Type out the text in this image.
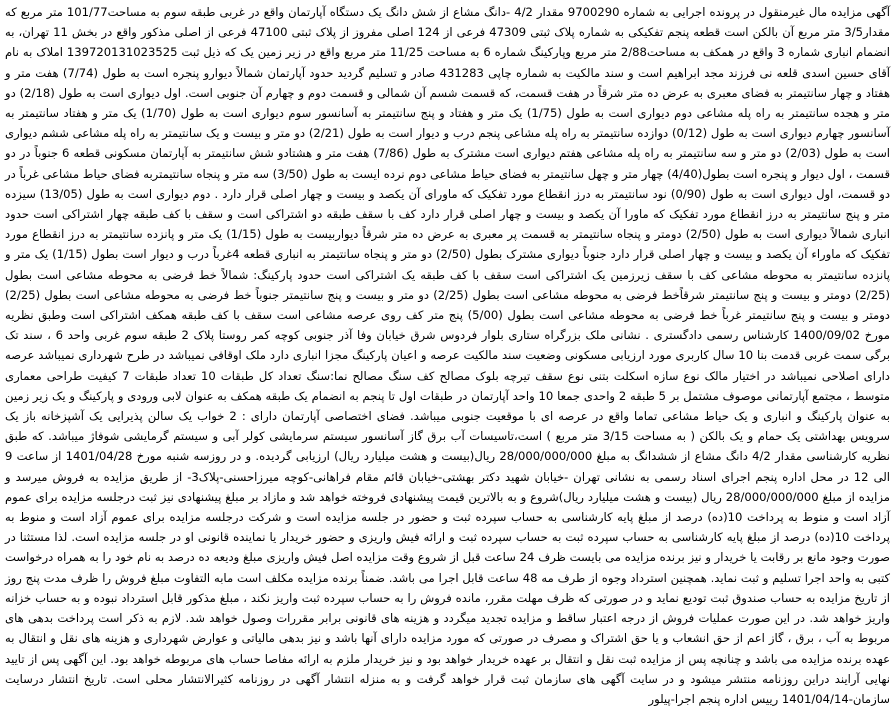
آگهی مزایده مال غیرمنقول در پرونده اجرایی به شماره 9700290 مقدار 4/2 -دانگ مشاع از شش دانگ یک دستگاه آپارتمان واقع در غربی طبقه سوم به مساحت101/77 متر مربع که مقدار3/5 متر مربع آن بالکن است قطعه پنجم تفکیکی به شماره پلاک ثبتی 47309 فرعی از 124 اصلی مفروز از پلاک ثبتی 47100 فرعی از اصلی مذکور واقع در بخش 11 تهران، به انضمام انباری شماره 3 واقع در همکف به مساحت2/88 متر مربع وپارکینگ شماره 6 به مساحت 11/25 متر مربع واقع در زیر زمین یک که ذیل ثبت 139720131023525 املاک به نام آقای حسین اسدی قلعه نی فرزند مجد ابراهیم است و سند مالکیت به شماره چاپی 431283 صادر و تسلیم گردید حدود آپارتمان شمالاً دیوارو پنجره است به طول (7/74) هفت متر و هفتاد و چهار سانتیمتر به فضای معبری به عرض ده متر شرقاً در هفت قسمت، که قسمت شسم آن شمالی و قسمت دوم و چهارم آن جنوبی است. اول دیواری است به طول (2/18) دو متر و هجده سانتیمتر به راه پله مشاعی دوم دیواری است به طول (1/75) یک متر و هفتاد و پنج سانتیمتر به آسانسور سوم دیواری است به طول (1/70) یک متر و هفتاد سانتیمتر به آسانسور چهارم دیواری است به طول (0/12) دوازده سانتیمتر به راه پله مشاعی پنجم درب و دیوار است به طول (2/21) دو متر و بیست و یک سانتیمتر به راه پله مشاعی ششم دیواری است به طول (2/03) دو متر و سه سانتیمتر به راه پله مشاعی هفتم دیواری است مشترک به طول (7/86) هفت متر و هشتادو شش سانتیمتر به آپارتمان مسکونی قطعه 6 جنوباً در دو قسمت ، اول دیوار و پنجره است بطول(4/40) چهار متر و چهل سانتیمتر به فضای حیاط مشاعی دوم نرده ایست به طول (3/50) سه متر و پنجاه سانتیمتربه فضای حیاط مشاعی غرباً در دو قسمت، اول دیواری است به طول (0/90) نود سانتیمتر به درز انقطاع مورد تفکیک که ماورای آن یکصد و بیست و چهار اصلی قرار دارد . دوم دیواری است به طول (13/05) سیزده متر و پنج سانتیمتر به درز انقطاع مورد تفکیک که ماورا آن یکصد و بیست و چهار اصلی قرار دارد کف با سقف طبقه دو اشتراکی است و سقف با کف طبقه چهار اشتراکی است حدود انباری شمالاً دیواری است به طول (2/50) دومتر و پنجاه سانتیمتر به قسمت پر معبری به عرض ده متر شرقاً دیواربیست به طول (1/15) یک متر و پانزده سانتیمتر به درز انقطاع مورد تفکیک که ماوراء آن یکصد و بیست و چهار اصلی قرار دارد جنوباً دیواری مشترک بطول (2/50) دو متر و پنجاه سانتیمتر به انباری قطعه 4غرباً درب و دیوار است بطول (1/15) یک متر و پانزده سانتیمتر به محوطه مشاعی کف با سقف زیرزمین یک اشتراکی است سقف با کف طبقه یک اشتراکی است حدود پارکینگ: شمالاً خط فرضی به محوطه مشاعی است بطول (2/25) دومتر و بیست و پنج سانتیمتر شرقاًخط فرضی به محوطه مشاعی است بطول (2/25) دو متر و بیست و پنج سانتیمتر جنوباً خط فرضی به محوطه مشاعی است بطول (2/25) دومتر و بیست و پنج سانتیمتر غرباً خط فرضی به محوطه مشاعی است بطول (5/00) پنج متر کف روی عرصه مشاعی است سقف با کف طبقه همکف اشتراکی است وطبق نظریه مورخ 1400/09/02 کارشناس رسمی دادگستری . نشانی ملک بزرگراه ستاری بلوار فردوس شرق خیابان وفا آذر جنوبی کوچه کمر روستا پلاک 2 طبقه سوم غربی واحد 6 ، سند تک برگی سمت غربی قدمت بنا 10 سال کاربری مورد ارزیابی مسکونی وضعیت سند مالکیت عرصه و اعیان پارکینگ مجزا انباری دارد ملک اوقافی نمیباشد در طرح شهرداری نمیباشد عرصه دارای اصلاحی نمیباشد در اختیار مالک نوع سازه اسکلت بتنی نوع سقف تیرچه بلوک مصالح کف سنگ مصالح نما:سنگ تعداد کل طبقات 10 تعداد طبقات 7 کیفیت طراحی معماری متوسط ، مجتمع آپارتمانی موصوف مشتمل بر 5 طبقه 2 واحدی جمعا 10 واحد آپارتمان در طبقات اول تا پنجم به انضمام یک طبقه همکف به عنوان لابی ورودی و پارکینگ و یک زیر زمین به عنوان پارکینگ و انباری و یک حیاط مشاعی تماما واقع در عرصه ای با موقعیت جنوبی میباشد. فضای اختصاصی آپارتمان دارای : 2 خواب یک سالن پذیرایی یک آشپزخانه باز یک سرویس بهداشتی یک حمام و یک بالکن ( به مساحت 3/15 متر مربع ) است،تاسیسات آب برق گاز آسانسور سیستم سرمایشی کولر آبی و سیستم گرمایشی شوفاژ میباشد. که طبق نظریه کارشناسی مقدار 4/2 دانگ مشاع از ششدانگ به مبلغ 28/000/000/000 ریال(بیست و هشت میلیارد ریال) ارزیابی گردیده. و در روزسه شنبه مورخ 1401/04/28 از ساعت 9 الی 12 در محل اداره پنجم اجرای اسناد رسمی به نشانی تهران -خیابان شهید دکتر بهشتی-خیابان قائم مقام فراهانی-کوچه میرزاحسنی-پلاک3- از طریق مزایده به فروش میرسد و مزایده از مبلغ 28/000/000/000 ریال (بیست و هشت میلیارد ریال)شروع و به بالاترین قیمت پیشنهادی فروخته خواهد شد و مازاد بر مبلغ پیشنهادی نیز ثبت درجلسه مزایده برای عموم آزاد است و منوط به پرداخت 10(ده) درصد از مبلغ پایه کارشناسی به حساب سپرده ثبت و حضور در جلسه مزایده است و شرکت درجلسه مزایده برای عموم آزاد است و منوط به پرداخت 10(ده) درصد از مبلغ پایه کارشناسی به حساب سپرده ثبت به حساب سپرده ثبت و ارائه فیش واریزی و حضور خریدار یا نماینده قانونی او در جلسه مزایده است. لذا مستثنا در صورت وجود مانع بر رقابت یا خریدار و نیز برنده مزایده می بایست ظرف 24 ساعت قبل از شروع وقت مزایده اصل فیش واریزی مبلغ ودیعه ده درصد به نام خود را به همراه درخواست کتبی به واحد اجرا تسلیم و ثبت نماید. همچنین استرداد وجوه از طرف مه 48 ساعت قابل اجرا می باشد. ضمناً برنده مزایده مکلف است مابه التفاوت مبلغ فروش را ظرف مدت پنج روز از تاریخ مزایده به حساب صندوق ثبت تودیع نماید و در صورتی که ظرف مهلت مقرر، مانده فروش را به حساب سپرده ثبت واریز نکند ، مبلغ مذکور قابل استرداد نبوده و به حساب خزانه واریز خواهد شد. در این صورت عملیات فروش از درجه اعتبار ساقط و مزایده تجدید میگردد و هزینه های قانونی برابر مقررات وصول خواهد شد. لازم به ذکر است پرداخت بدهی های مربوط به آب ، برق ، گاز اعم از حق انشعاب و یا حق اشتراک و مصرف در صورتی که مورد مزایده دارای آنها باشد و نیز بدهی مالیاتی و عوارض شهرداری و هزینه های نقل و انتقال به عهده برنده مزایده می باشد و چنانچه پس از مزایده ثبت نقل و انتقال بر عهده خریدار خواهد بود و نیز خریدار ملزم به ارائه مفاصا حساب های مربوطه خواهد بود. این آگهی پس از تایید نهایی آرایند دراین روزنامه منتشر میشود و در سایت آگهی های سازمان ثبت قرار خواهد گرفت و به منزله انتشار آگهی در روزنامه کثیرالانتشار محلی است. تاریخ انتشار درسایت سازمان-1401/04/14 رییس اداره پنجم اجرا-پیلور
